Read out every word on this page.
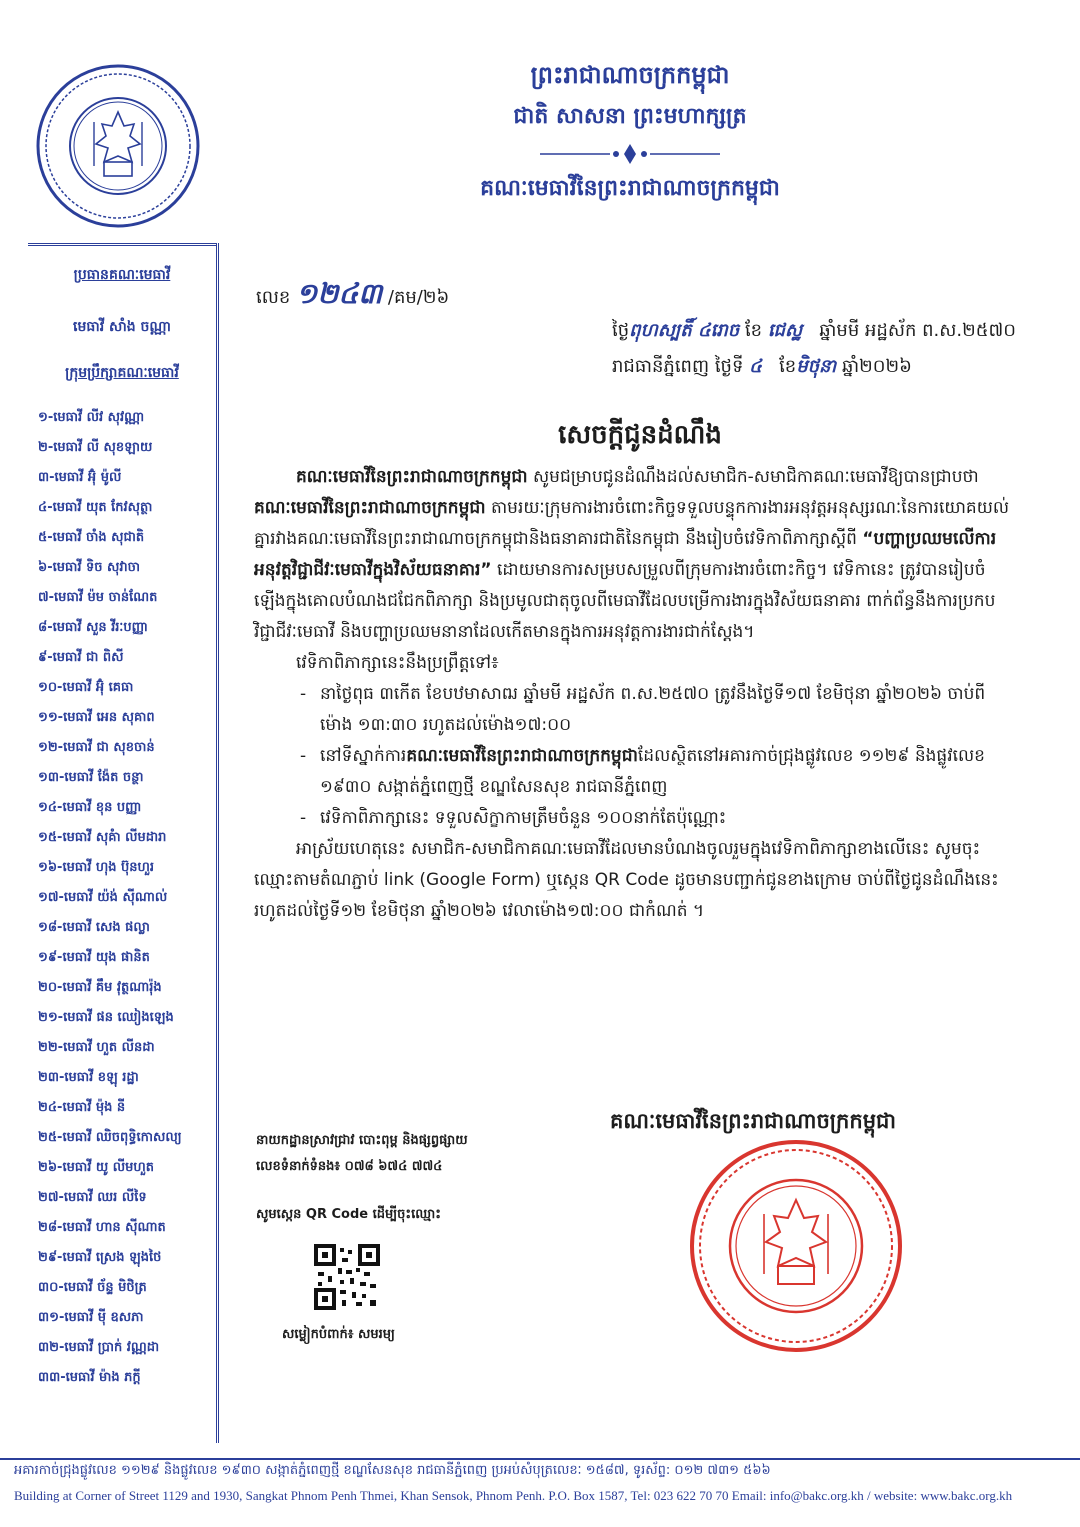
ព្រះរាជាណាចក្រកម្ពុជា
ជាតិ សាសនា ព្រះមហាក្សត្រ
គណៈមេធាវីនៃព្រះរាជាណាចក្រកម្ពុជា
ប្រធានគណៈមេធាវី
មេធាវី សាំង ចណ្ណា
ក្រុមប្រឹក្សាគណៈមេធាវី
១-មេធាវី លីវ សុវណ្ណា
២-មេធាវី លី សុខឡាយ
៣-មេធាវី អ៊ុំ ម៉ូលី
៤-មេធាវី យុត កែវសុត្ថា
៥-មេធាវី ចាំង សុជាតិ
៦-មេធាវី ទិច សុវាចា
៧-មេធាវី ម៉ម ចាន់ណែត
៨-មេធាវី សួន វីរៈបញ្ញា
៩-មេធាវី ជា ពិសី
១០-មេធាវី អ៊ុំ គេធា
១១-មេធាវី អេន សុគាព
១២-មេធាវី ជា សុខចាន់
១៣-មេធាវី ង៉ែត ចន្ថា
១៤-មេធាវី ខុន បញ្ញា
១៥-មេធាវី សុគំា លីមដារា
១៦-មេធាវី ហុង ប៊ុនហួរ
១៧-មេធាវី យ៉ង់ ស៊ីណាល់
១៨-មេធាវី សេង ផល្លា
១៩-មេធាវី យុង ផានិត
២០-មេធាវី គឹម វុត្ថណារ៉ុង
២១-មេធាវី ផន ឈៀងឡេង
២២-មេធាវី ហួត លីនដា
២៣-មេធាវី ខឡុ រដ្ឋា
២៤-មេធាវី ម៉ុង នី
២៥-មេធាវី ឈិចពុទ្ធិកោសល្យ
២៦-មេធាវី យូ លីមហួត
២៧-មេធាវី ឈរ លីទៃ
២៨-មេធាវី ហាន ស៊ីណាត
២៩-មេធាវី ស្រេង ឡុងថៃ
៣០-មេធាវី ច័ន្ទ មិថិត្រ
៣១-មេធាវី ម៉ី ឧសភា
៣២-មេធាវី ប្រាក់ វណ្ណដា
៣៣-មេធាវី ម៉ាង ភក្តី
លេខ ១២៤៣ /គម/២៦
ថ្ងៃពុហស្បតិ៍ ៤រោច ខែ ជេស្ឋ ឆ្នាំមមី អដ្ឋស័ក ព.ស.២៥៧០
រាជធានីភ្នំពេញ ថ្ងៃទី ៤ ខែមិថុនា ឆ្នាំ២០២៦
សេចក្តីជូនដំណឹង

គណៈមេធាវីនៃព្រះរាជាណាចក្រកម្ពុជា សូមជម្រាបជូនដំណឹងដល់សមាជិក-សមាជិកាគណៈមេធាវីឱ្យបានជ្រាបថា គណៈមេធាវីនៃព្រះរាជាណាចក្រកម្ពុជា តាមរយៈក្រុមការងារចំពោះកិច្ចទទួលបន្ទុកការងារអនុវត្តអនុស្សរណៈនៃការយោគយល់គ្នារវាងគណៈមេធាវីនៃព្រះរាជាណាចក្រកម្ពុជានិងធនាគារជាតិនៃកម្ពុជា នឹងរៀបចំវេទិកាពិភាក្សាស្តីពី “បញ្ហាប្រឈមលើការអនុវត្តវិជ្ជាជីវៈមេធាវីក្នុងវិស័យធនាគារ” ដោយមានការសម្របសម្រួលពីក្រុមការងារចំពោះកិច្ច។ វេទិកានេះ ត្រូវបានរៀបចំឡើងក្នុងគោលបំណងជជែកពិភាក្សា និងប្រមូលជាតុចូលពីមេធាវីដែលបម្រើការងារក្នុងវិស័យធនាគារ ពាក់ព័ន្ធនឹងការប្រកបវិជ្ជាជីវៈមេធាវី និងបញ្ហាប្រឈមនានាដែលកើតមានក្នុងការអនុវត្តការងារជាក់ស្តែង។

វេទិកាពិភាក្សានេះនឹងប្រព្រឹត្តទៅ៖

- នាថ្ងៃពុធ ៣កើត ខែបឋមាសាឍ ឆ្នាំមមី អដ្ឋស័ក ព.ស.២៥៧០ ត្រូវនឹងថ្ងៃទី១៧ ខែមិថុនា ឆ្នាំ២០២៦ ចាប់ពីម៉ោង ១៣:៣០ រហូតដល់ម៉ោង១៧:០០

- នៅទីស្នាក់ការគណៈមេធាវីនៃព្រះរាជាណាចក្រកម្ពុជាដែលស្ថិតនៅអគារកាច់ជ្រុងផ្លូវលេខ ១១២៩ និងផ្លូវលេខ ១៩៣០ សង្កាត់ភ្នំពេញថ្មី ខណ្ឌសែនសុខ រាជធានីភ្នំពេញ

- វេទិកាពិភាក្សានេះ ទទួលសិក្ខាកាមត្រឹមចំនួន ១០០នាក់តែប៉ុណ្ណោះ

អាស្រ័យហេតុនេះ សមាជិក-សមាជិកាគណៈមេធាវីដែលមានបំណងចូលរួមក្នុងវេទិកាពិភាក្សាខាងលើនេះ សូមចុះឈ្មោះតាមតំណភ្ជាប់ link (Google Form) ឬស្កេន QR Code ដូចមានបញ្ជាក់ជូនខាងក្រោម ចាប់ពីថ្ងៃជូនដំណឹងនេះរហូតដល់ថ្ងៃទី១២ ខែមិថុនា ឆ្នាំ២០២៦ វេលាម៉ោង១៧:០០ ជាកំណត់ ។

គណៈមេធាវីនៃព្រះរាជាណាចក្រកម្ពុជា
នាយកដ្ឋានស្រាវជ្រាវ បោះពុម្ព និងផ្សព្វផ្សាយ
លេខទំនាក់ទំនង៖ ០៧៨ ៦៧៤ ៧៧៤
សូមស្កេន QR Code ដើម្បីចុះឈ្មោះ
សម្លៀកបំពាក់៖ សមរម្យ
អគារកាច់ជ្រុងផ្លូវលេខ ១១២៩ និងផ្លូវលេខ ១៩៣០ សង្កាត់ភ្នំពេញថ្មី ខណ្ឌសែនសុខ រាជធានីភ្នំពេញ ប្រអប់សំបុត្រលេខៈ ១៥៨៧, ទូរស័ព្ទ: ០១២ ៧៣១ ៥៦៦
Building at Corner of Street 1129 and 1930, Sangkat Phnom Penh Thmei, Khan Sensok, Phnom Penh. P.O. Box 1587, Tel: 023 622 70 70 Email: info@bakc.org.kh / website: www.bakc.org.kh
